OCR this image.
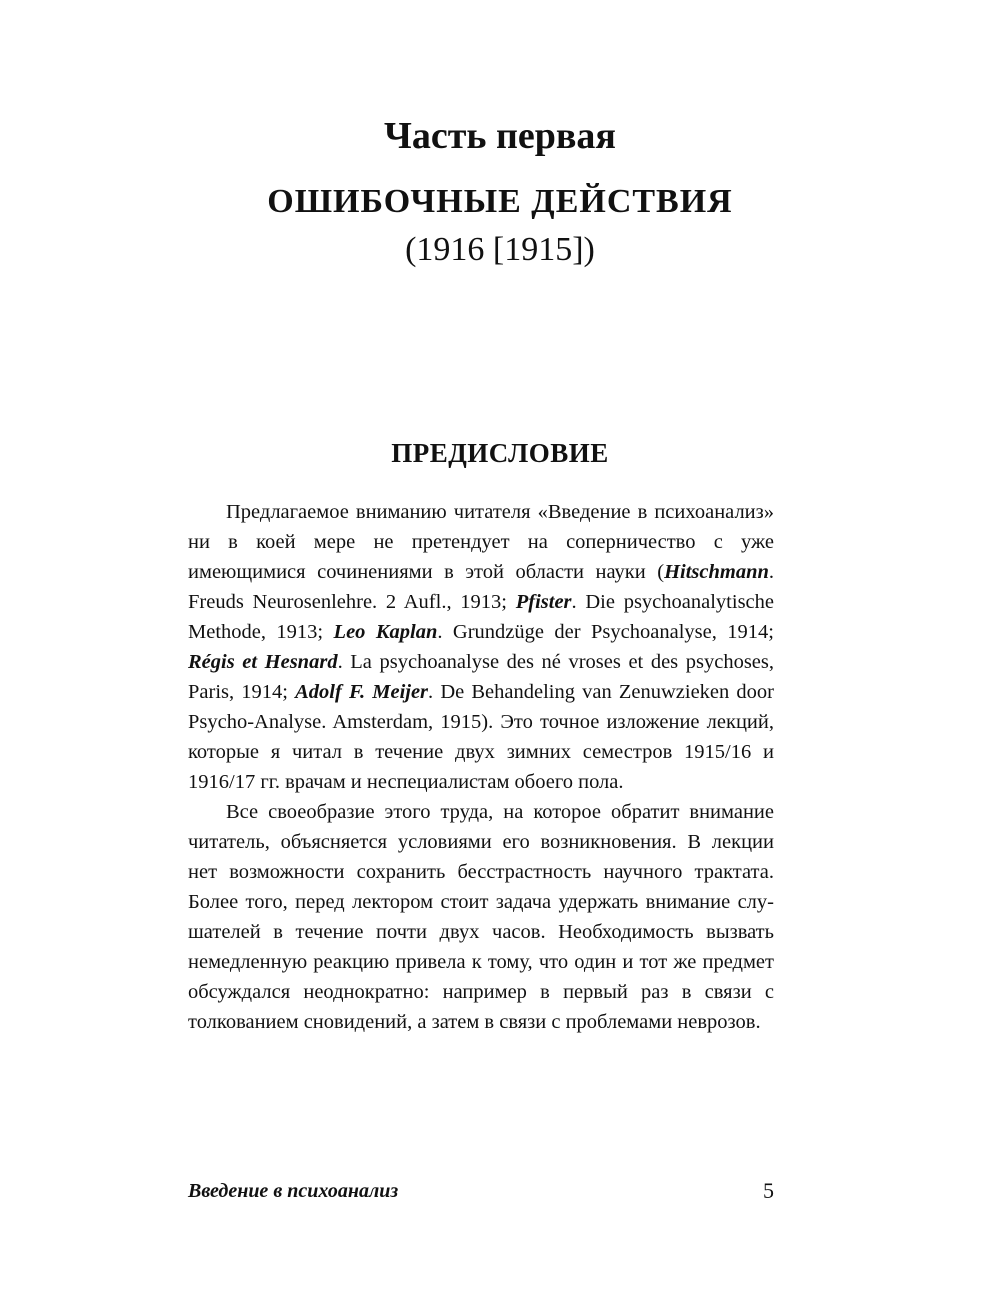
Часть первая
ОШИБОЧНЫЕ ДЕЙСТВИЯ
(1916 [1915])
ПРЕДИСЛОВИЕ

Предлагаемое вниманию читателя «Введение в психоанализ» ни в коей мере не претендует на соперничество с уже имеющимися сочинениями в этой области науки (Hitschmann. Freuds Neurosenlehre. 2 Aufl., 1913; Pfister. Die psychoanalytische Methode, 1913; Leo Kaplan. Grundzüge der Psychoanalyse, 1914; Régis et Hesnard. La psychoanalyse des né vroses et des psychoses, Paris, 1914; Adolf F. Meijer. De Behandeling van Zenuwzieken door Psycho-Analyse. Amsterdam, 1915). Это точное изложение лекций, которые я читал в течение двух зимних семестров 1915/16 и 1916/17 гг. врачам и неспециалистам обоего пола.

Все своеобразие этого труда, на которое обратит внимание читатель, объясняется условиями его возникновения. В лекции нет возможности сохранить бесстрастность научного трактата. Более того, перед лектором стоит задача удержать внимание слушателей в течение почти двух часов. Необходимость вызвать немедленную реакцию привела к тому, что один и тот же предмет обсуждался неоднократно: например в первый раз в связи с толкованием сновидений, а затем в связи с проблемами неврозов.

Введение в психоанализ	5
